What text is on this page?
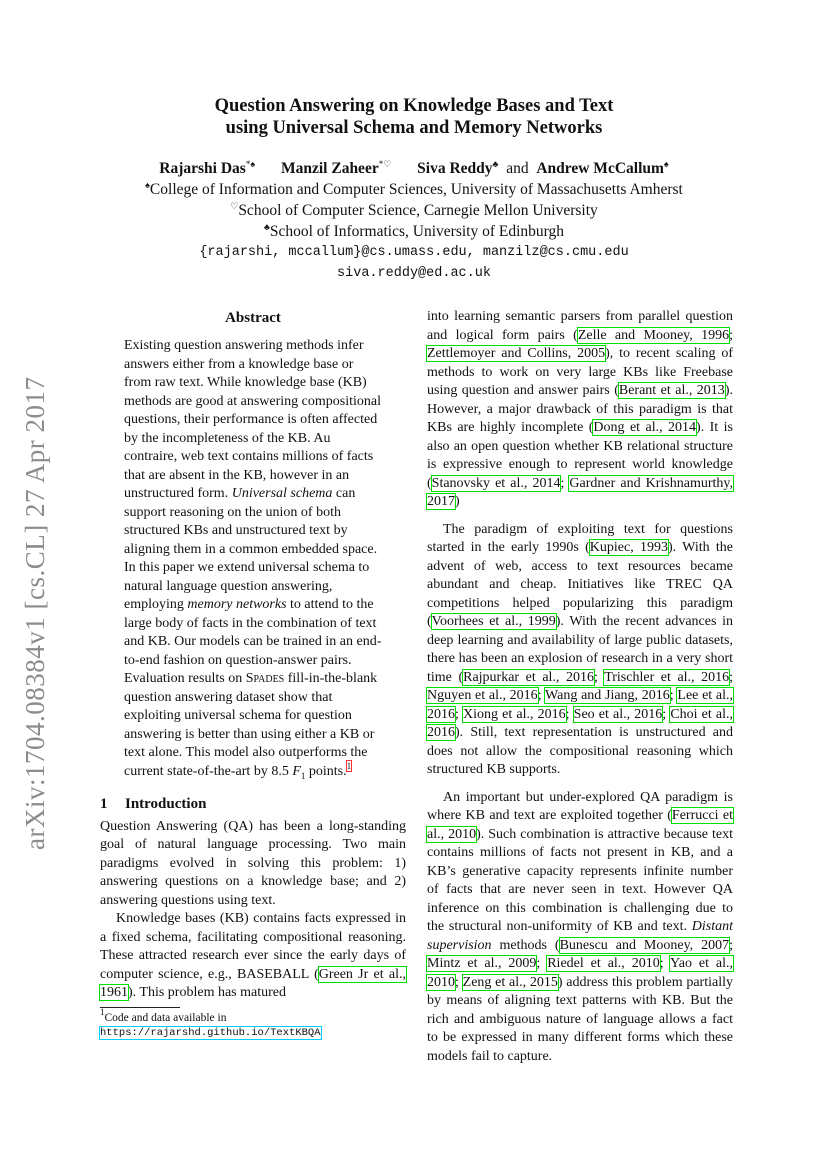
arXiv:1704.08384v1 [cs.CL] 27 Apr 2017
Question Answering on Knowledge Bases and Text
using Universal Schema and Memory Networks
Rajarshi Das*♠ Manzil Zaheer*♡ Siva Reddy♣ and Andrew McCallum♠
♠College of Information and Computer Sciences, University of Massachusetts Amherst
♡School of Computer Science, Carnegie Mellon University
♣School of Informatics, University of Edinburgh
{rajarshi, mccallum}@cs.umass.edu, manzilz@cs.cmu.edu
siva.reddy@ed.ac.uk
Abstract
Existing question answering methods infer answers either from a knowledge base or from raw text. While knowledge base (KB) methods are good at answering compositional questions, their performance is often affected by the incompleteness of the KB. Au contraire, web text contains millions of facts that are absent in the KB, however in an unstructured form. Universal schema can support reasoning on the union of both structured KBs and unstructured text by aligning them in a common embedded space. In this paper we extend universal schema to natural language question answering, employing memory networks to attend to the large body of facts in the combination of text and KB. Our models can be trained in an end-to-end fashion on question-answer pairs. Evaluation results on Spades fill-in-the-blank question answering dataset show that exploiting universal schema for question answering is better than using either a KB or text alone. This model also outperforms the current state-of-the-art by 8.5 $F_1$ points.$^1$
1 Introduction

Question Answering (QA) has been a long-standing goal of natural language processing. Two main paradigms evolved in solving this problem: 1) answering questions on a knowledge base; and 2) answering questions using text.

Knowledge bases (KB) contains facts expressed in a fixed schema, facilitating compositional reasoning. These attracted research ever since the early days of computer science, e.g., BASEBALL (Green Jr et al., 1961). This problem has matured

$^1$Code and data available in https://rajarshd.github.io/TextKBQA

into learning semantic parsers from parallel question and logical form pairs (Zelle and Mooney, 1996; Zettlemoyer and Collins, 2005), to recent scaling of methods to work on very large KBs like Freebase using question and answer pairs (Berant et al., 2013). However, a major drawback of this paradigm is that KBs are highly incomplete (Dong et al., 2014). It is also an open question whether KB relational structure is expressive enough to represent world knowledge (Stanovsky et al., 2014; Gardner and Krishnamurthy, 2017)

The paradigm of exploiting text for questions started in the early 1990s (Kupiec, 1993). With the advent of web, access to text resources became abundant and cheap. Initiatives like TREC QA competitions helped popularizing this paradigm (Voorhees et al., 1999). With the recent advances in deep learning and availability of large public datasets, there has been an explosion of research in a very short time (Rajpurkar et al., 2016; Trischler et al., 2016; Nguyen et al., 2016; Wang and Jiang, 2016; Lee et al., 2016; Xiong et al., 2016; Seo et al., 2016; Choi et al., 2016). Still, text representation is unstructured and does not allow the compositional reasoning which structured KB supports.

An important but under-explored QA paradigm is where KB and text are exploited together (Ferrucci et al., 2010). Such combination is attractive because text contains millions of facts not present in KB, and a KB’s generative capacity represents infinite number of facts that are never seen in text. However QA inference on this combination is challenging due to the structural non-uniformity of KB and text. Distant supervision methods (Bunescu and Mooney, 2007; Mintz et al., 2009; Riedel et al., 2010; Yao et al., 2010; Zeng et al., 2015) address this problem partially by means of aligning text patterns with KB. But the rich and ambiguous nature of language allows a fact to be expressed in many different forms which these models fail to capture.
